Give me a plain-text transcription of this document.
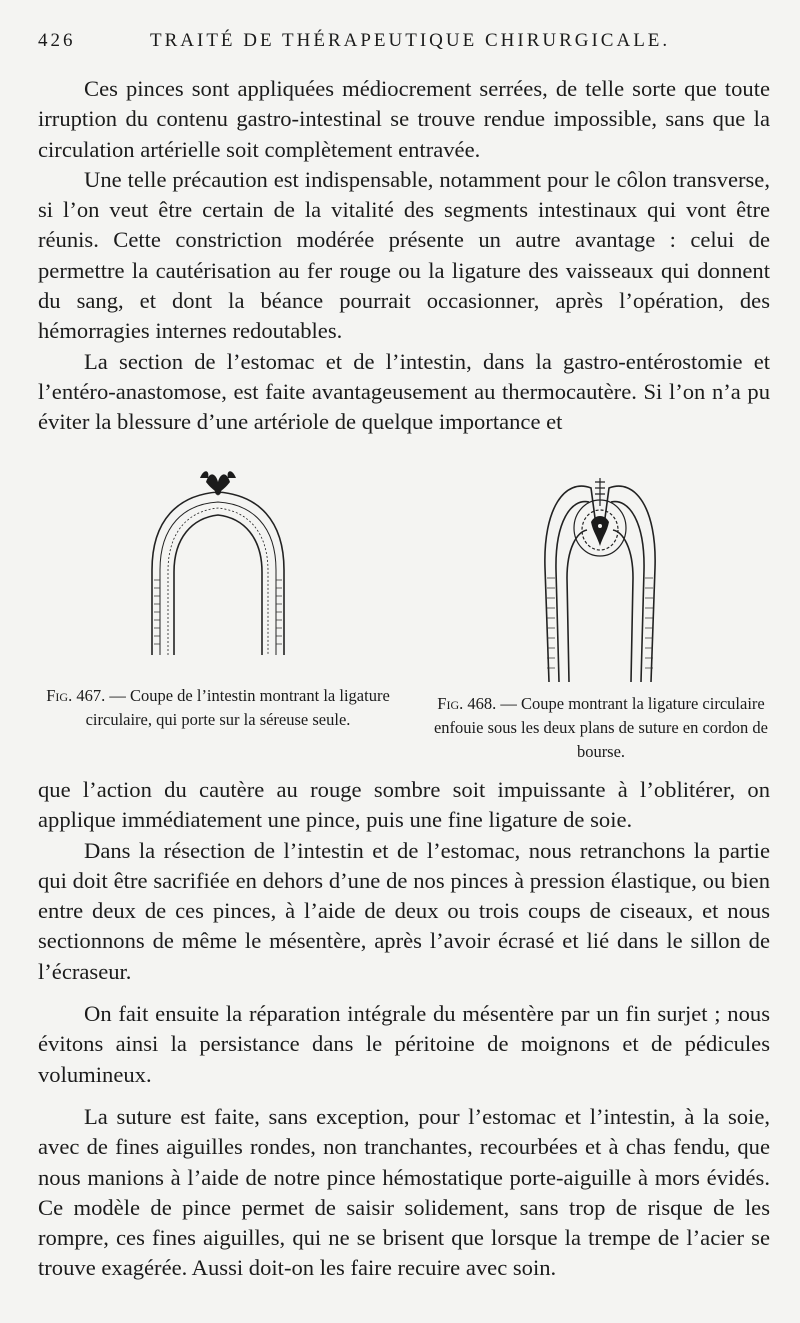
426	TRAITÉ DE THÉRAPEUTIQUE CHIRURGICALE.

Ces pinces sont appliquées médiocrement serrées, de telle sorte que toute irruption du contenu gastro-intestinal se trouve rendue impossible, sans que la circulation artérielle soit complètement entravée.

Une telle précaution est indispensable, notamment pour le côlon transverse, si l’on veut être certain de la vitalité des segments intestinaux qui vont être réunis. Cette constriction modérée présente un autre avantage : celui de permettre la cautérisation au fer rouge ou la ligature des vaisseaux qui donnent du sang, et dont la béance pourrait occasionner, après l’opération, des hémorragies internes redoutables.

La section de l’estomac et de l’intestin, dans la gastro-entérostomie et l’entéro-anastomose, est faite avantageusement au thermocautère. Si l’on n’a pu éviter la blessure d’une artériole de quelque importance et

Fig. 467. — Coupe de l’intestin montrant la ligature circulaire, qui porte sur la séreuse seule.
Fig. 468. — Coupe montrant la ligature circulaire enfouie sous les deux plans de suture en cordon de bourse.

que l’action du cautère au rouge sombre soit impuissante à l’oblitérer, on applique immédiatement une pince, puis une fine ligature de soie.

Dans la résection de l’intestin et de l’estomac, nous retranchons la partie qui doit être sacrifiée en dehors d’une de nos pinces à pression élastique, ou bien entre deux de ces pinces, à l’aide de deux ou trois coups de ciseaux, et nous sectionnons de même le mésentère, après l’avoir écrasé et lié dans le sillon de l’écraseur.

On fait ensuite la réparation intégrale du mésentère par un fin surjet ; nous évitons ainsi la persistance dans le péritoine de moignons et de pédicules volumineux.

La suture est faite, sans exception, pour l’estomac et l’intestin, à la soie, avec de fines aiguilles rondes, non tranchantes, recourbées et à chas fendu, que nous manions à l’aide de notre pince hémostatique porte-aiguille à mors évidés. Ce modèle de pince permet de saisir solidement, sans trop de risque de les rompre, ces fines aiguilles, qui ne se brisent que lorsque la trempe de l’acier se trouve exagérée. Aussi doit-on les faire recuire avec soin.
